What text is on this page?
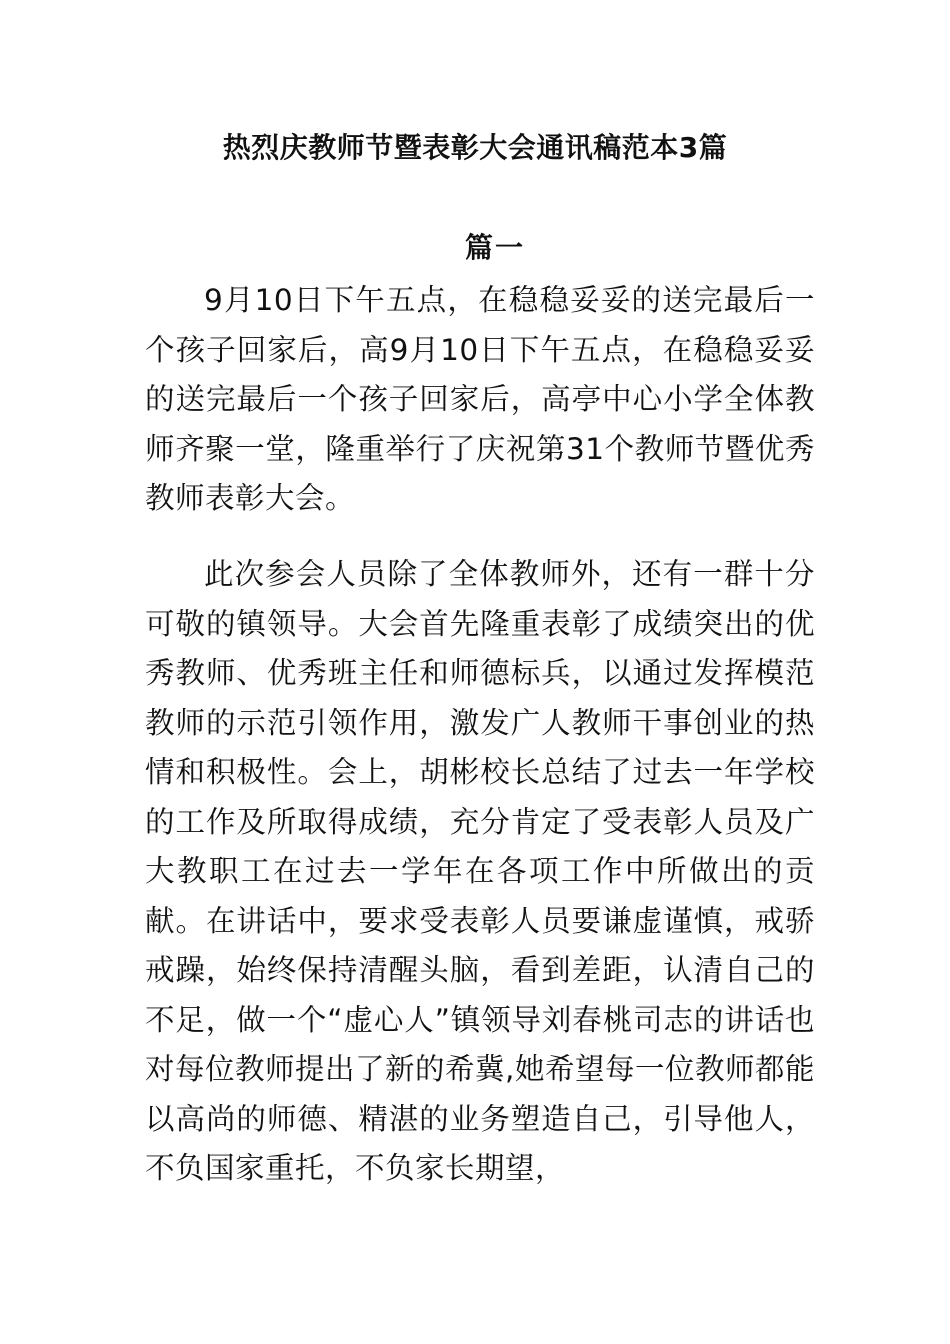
热烈庆教师节暨表彰大会通讯稿范本3篇
篇一

9月10日下午五点，在稳稳妥妥的送完最后一个孩子回家后，高9月10日下午五点，在稳稳妥妥的送完最后一个孩子回家后，高亭中心小学全体教师齐聚一堂，隆重举行了庆祝第31个教师节暨优秀教师表彰大会。

此次参会人员除了全体教师外，还有一群十分可敬的镇领导。大会首先隆重表彰了成绩突出的优秀教师、优秀班主任和师德标兵，以通过发挥模范教师的示范引领作用，激发广人教师干事创业的热情和积极性。会上，胡彬校长总结了过去一年学校的工作及所取得成绩，充分肯定了受表彰人员及广大教职工在过去一学年在各项工作中所做出的贡献。在讲话中，要求受表彰人员要谦虚谨慎，戒骄戒躁，始终保持清醒头脑，看到差距，认清自己的不足，做一个“虚心人”镇领导刘春桃司志的讲话也对每位教师提出了新的希冀,她希望每一位教师都能以高尚的师德、精湛的业务塑造自己，引导他人，不负国家重托，不负家长期望，
